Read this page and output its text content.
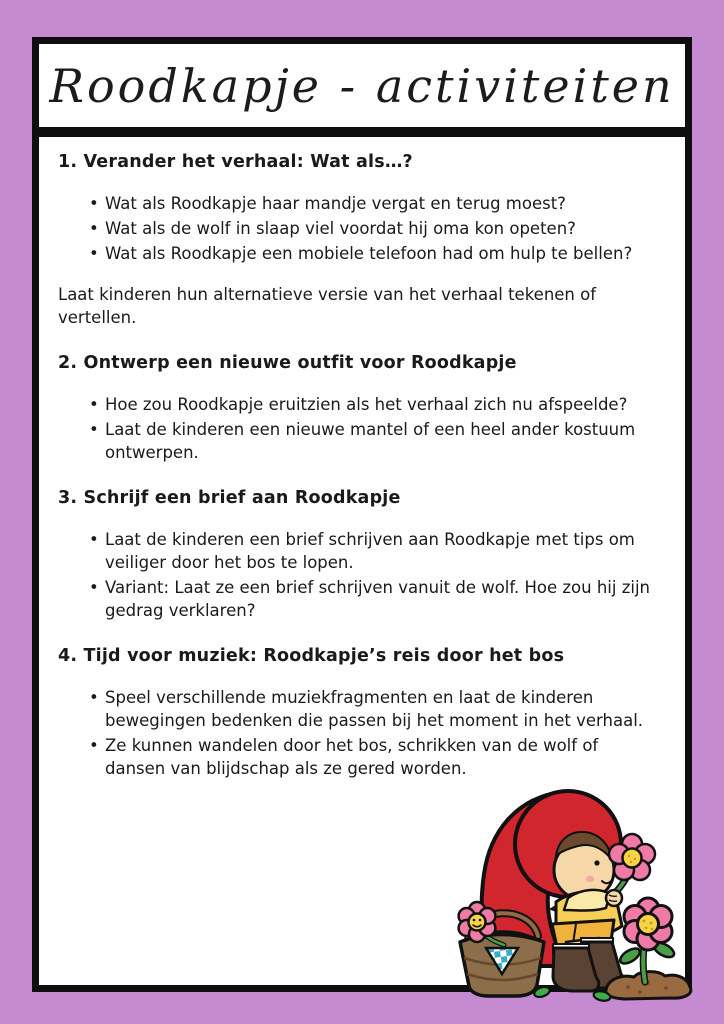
Roodkapje - activiteiten
1. Verander het verhaal: Wat als…?
• Wat als Roodkapje haar mandje vergat en terug moest?
• Wat als de wolf in slaap viel voordat hij oma kon opeten?
• Wat als Roodkapje een mobiele telefoon had om hulp te bellen?

Laat kinderen hun alternatieve versie van het verhaal tekenen of vertellen.

2. Ontwerp een nieuwe outfit voor Roodkapje
• Hoe zou Roodkapje eruitzien als het verhaal zich nu afspeelde?
• Laat de kinderen een nieuwe mantel of een heel ander kostuum ontwerpen.
3. Schrijf een brief aan Roodkapje
• Laat de kinderen een brief schrijven aan Roodkapje met tips om veiliger door het bos te lopen.
• Variant: Laat ze een brief schrijven vanuit de wolf. Hoe zou hij zijn gedrag verklaren?
4. Tijd voor muziek: Roodkapje’s reis door het bos
• Speel verschillende muziekfragmenten en laat de kinderen bewegingen bedenken die passen bij het moment in het verhaal.
• Ze kunnen wandelen door het bos, schrikken van de wolf of dansen van blijdschap als ze gered worden.
